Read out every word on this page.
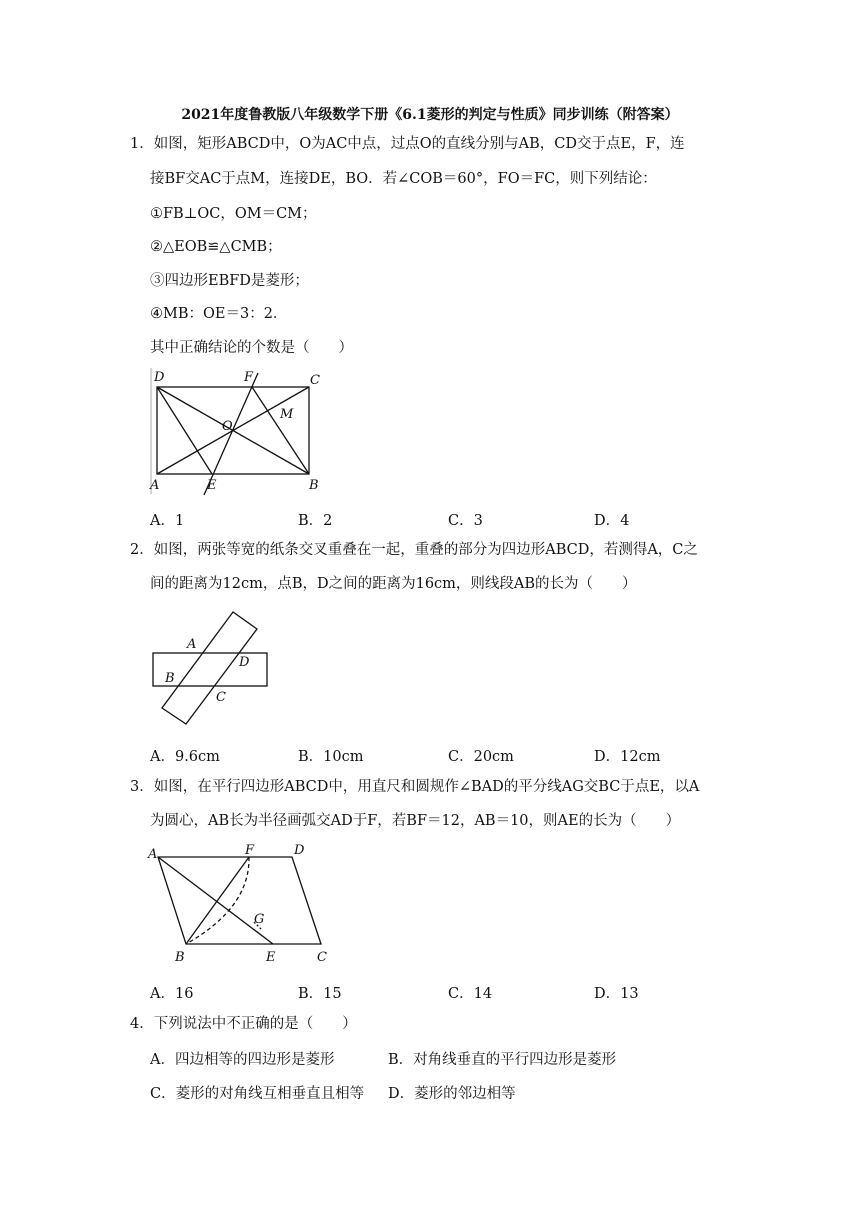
2021年度鲁教版八年级数学下册《6.1菱形的判定与性质》同步训练（附答案）
1．如图，矩形ABCD中，O为AC中点，过点O的直线分别与AB，CD交于点E，F，连
接BF交AC于点M，连接DE，BO．若∠COB＝60°，FO＝FC，则下列结论：
①FB⊥OC，OM＝CM；
②△EOB≌△CMB；
③四边形EBFD是菱形；
④MB：OE＝3：2．
其中正确结论的个数是（　　）
D	F	C
O
M
A	E	B
A．1	B．2	C．3	D．4
2．如图，两张等宽的纸条交叉重叠在一起，重叠的部分为四边形ABCD，若测得A，C之
间的距离为12cm，点B，D之间的距离为16cm，则线段AB的长为（　　）
A
B
C
D
A．9.6cm	B．10cm	C．20cm	D．12cm
3．如图，在平行四边形ABCD中，用直尺和圆规作∠BAD的平分线AG交BC于点E，以A
为圆心，AB长为半径画弧交AD于F，若BF＝12，AB＝10，则AE的长为（　　）
A	F	D
G
B	E	C
A．16	B．15	C．14	D．13
4．下列说法中不正确的是（　　）
A．四边相等的四边形是菱形	B．对角线垂直的平行四边形是菱形
C．菱形的对角线互相垂直且相等 D．菱形的邻边相等
